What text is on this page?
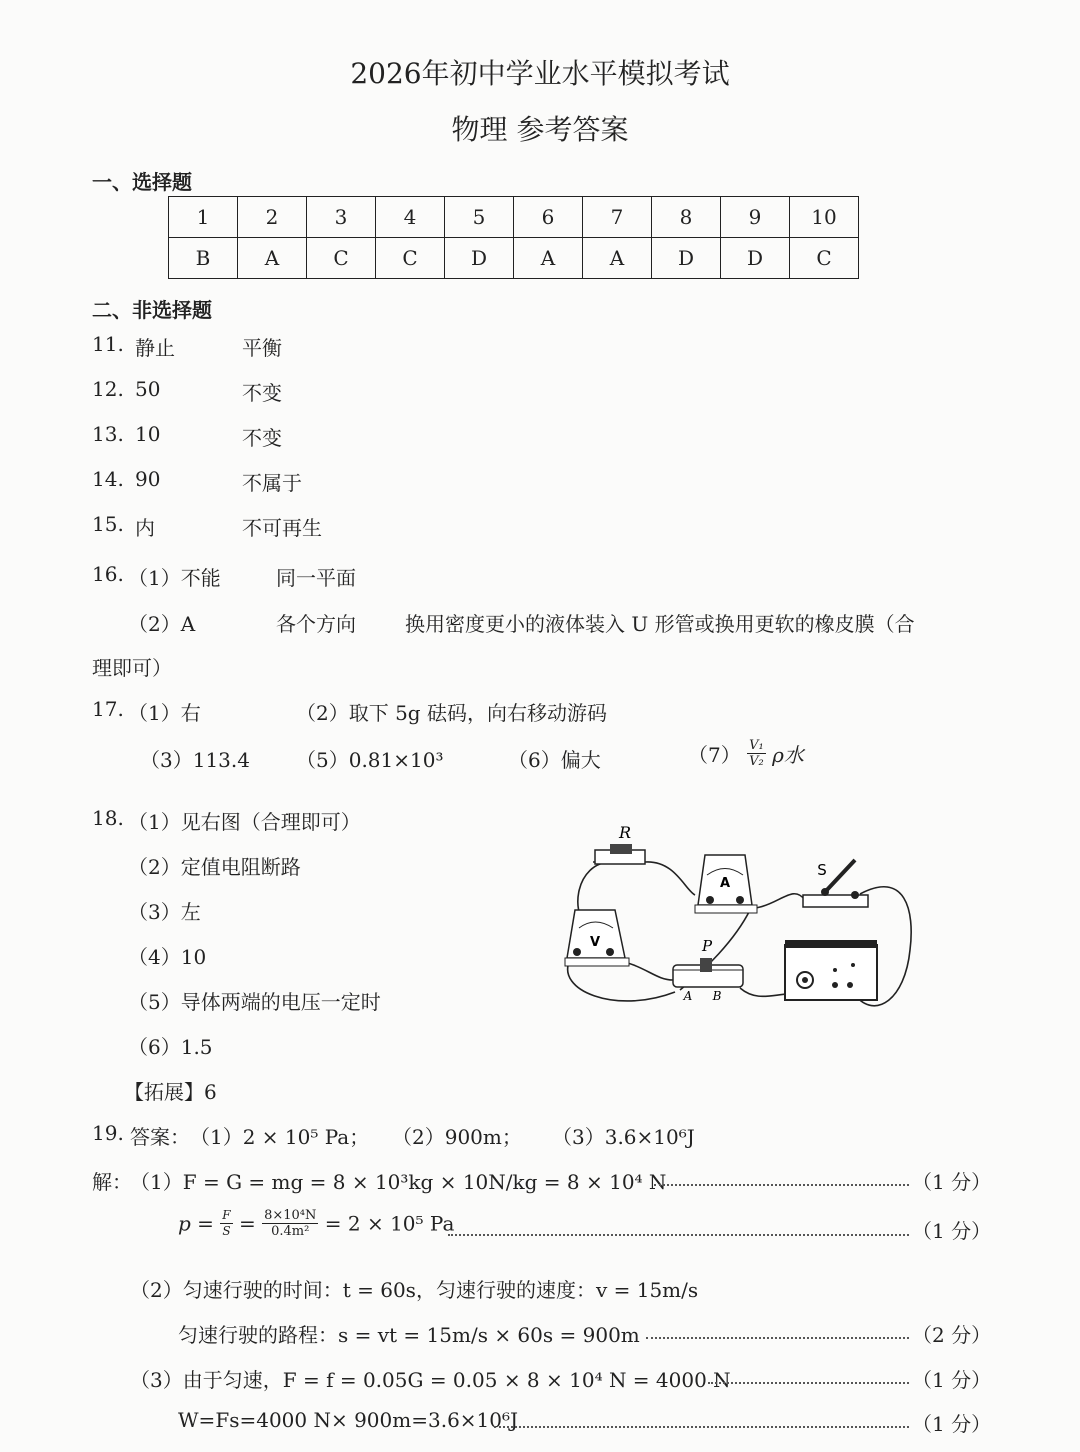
2026年初中学业水平模拟考试
物理 参考答案
一、选择题
1	2	3	4	5	6	7	8	9	10
B	A	C	C	D	A	A	D	D	C
二、非选择题
11. 静止	平衡
12. 50	不变
13. 10	不变
14. 90	不属于
15. 内	不可再生
16. （1）不能	同一平面
（2）A	各个方向 换用密度更小的液体装入 U 形管或换用更软的橡皮膜（合
理即可）
17. （1）右	（2）取下 5g 砝码，向右移动游码
（3）113.4 （5）0.81×10³	（6）偏大	$(7) \frac{\text{V₁}}{\text{V₂}}$ ρ水
18. （1）见右图（合理即可）
（2）定值电阻断路
（3）左
（4）10
（5）导体两端的电压一定时
（6）1.5
【拓展】6
R
A
S
V	P
A B
19. 答案： （1）2 × 10⁵ Pa； （2）900m； （3）3.6×10⁶J
解：
（1）F = G = mg = 8 × 10³kg × 10N/kg = 8 × 10⁴ N	（1 分）
$p = \frac{F}{S} = \frac{\text{8×10⁴N}}{\text{0.4m²}} = 2 \times 10^5$ Pa	（1 分）
（2）匀速行驶的时间：t = 60s，匀速行驶的速度：v = 15m/s
匀速行驶的路程：s = vt = 15m/s × 60s = 900m	（2 分）
（3）由于匀速，F = f = 0.05G = 0.05 × 8 × 10⁴ N = 4000 N	（1 分）
W=Fs=4000 N× 900m=3.6×10⁶J	（1 分）
